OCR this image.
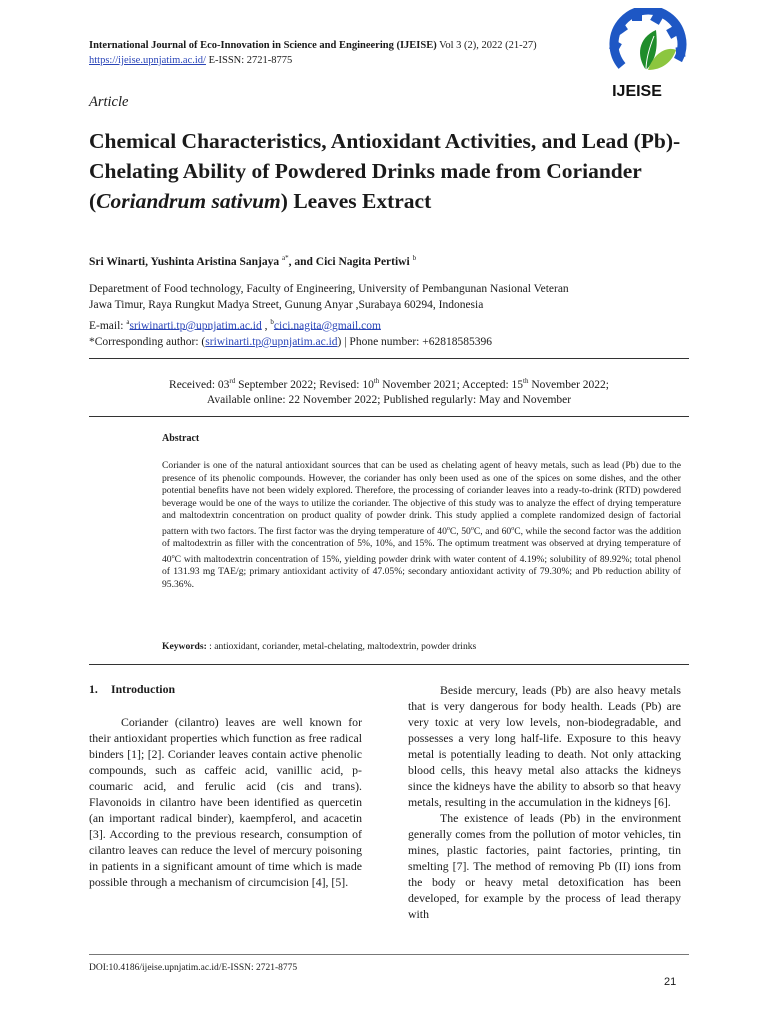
International Journal of Eco-Innovation in Science and Engineering (IJEISE) Vol 3 (2), 2022 (21-27)
https://ijeise.upnjatim.ac.id/ E-ISSN: 2721-8775
IJEISE
Article
Chemical Characteristics, Antioxidant Activities, and Lead (Pb)-Chelating Ability of Powdered Drinks made from Coriander (Coriandrum sativum) Leaves Extract
Sri Winarti, Yushinta Aristina Sanjaya $^{a*}$, and Cici Nagita Pertiwi $^b$
Deparetment of Food technology, Faculty of Engineering, University of Pembangunan Nasional Veteran
Jawa Timur, Raya Rungkut Madya Street, Gunung Anyar ,Surabaya 60294, Indonesia
E-mail: $^a$sriwinarti.tp@upnjatim.ac.id , $^b$cici.nagita@gmail.com
*Corresponding author: (sriwinarti.tp@upnjatim.ac.id) | Phone number: +62818585396
Received: 03rd September 2022; Revised: 10th November 2021; Accepted: 15th November 2022;
Available online: 22 November 2022; Published regularly: May and November
Abstract
Coriander is one of the natural antioxidant sources that can be used as chelating agent of heavy metals, such as lead (Pb) due to the presence of its phenolic compounds. However, the coriander has only been used as one of the spices on some dishes, and the other potential benefits have not been widely explored. Therefore, the processing of coriander leaves into a ready-to-drink (RTD) powdered beverage would be one of the ways to utilize the coriander. The objective of this study was to analyze the effect of drying temperature and maltodextrin concentration on product quality of powder drink. This study applied a complete randomized design of factorial pattern with two factors. The first factor was the drying temperature of 40$^o$C, 50$^o$C, and 60$^o$C, while the second factor was the addition of maltodextrin as filler with the concentration of 5%, 10%, and 15%. The optimum treatment was observed at drying temperature of 40$^o$C with maltodextrin concentration of 15%, yielding powder drink with water content of 4.19%; solubility of 89.92%; total phenol of 131.93 mg TAE/g; primary antioxidant activity of 47.05%; secondary antioxidant activity of 79.30%; and Pb reduction ability of 95.36%.
Keywords: : antioxidant, coriander, metal-chelating, maltodextrin, powder drinks
1. Introduction

Coriander (cilantro) leaves are well known for their antioxidant properties which function as free radical binders [1]; [2]. Coriander leaves contain active phenolic compounds, such as caffeic acid, vanillic acid, p-coumaric acid, and ferulic acid (cis and trans). Flavonoids in cilantro have been identified as quercetin (an important radical binder), kaempferol, and acacetin [3]. According to the previous research, consumption of cilantro leaves can reduce the level of mercury poisoning in patients in a significant amount of time which is made possible through a mechanism of circumcision [4], [5].

Beside mercury, leads (Pb) are also heavy metals that is very dangerous for body health. Leads (Pb) are very toxic at very low levels, non-biodegradable, and possesses a very long half-life. Exposure to this heavy metal is potentially leading to death. Not only attacking blood cells, this heavy metal also attacks the kidneys since the kidneys have the ability to absorb so that heavy metals, resulting in the accumulation in the kidneys [6].

The existence of leads (Pb) in the environment generally comes from the pollution of motor vehicles, tin mines, plastic factories, paint factories, printing, tin smelting [7]. The method of removing Pb (II) ions from the body or heavy metal detoxification has been developed, for example by the process of lead therapy with

DOI:10.4186/ijeise.upnjatim.ac.id/E-ISSN: 2721-8775
21
